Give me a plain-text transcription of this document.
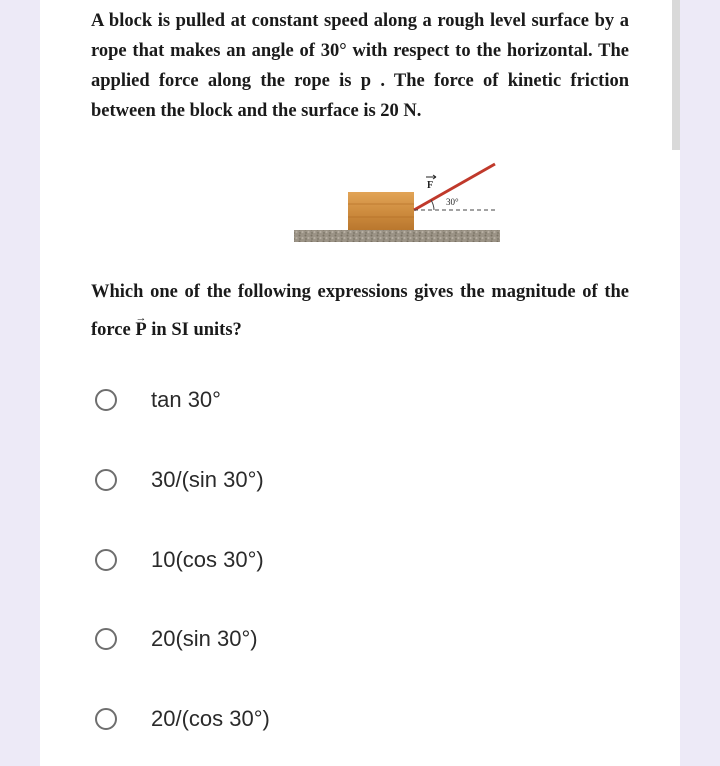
A block is pulled at constant speed along a rough level surface by a rope that makes an angle of 30° with respect to the horizontal. The applied force along the rope is p . The force of kinetic friction between the block and the surface is 20 N.

30°
F

Which one of the following expressions gives the magnitude of the force → P in SI units?

tan 30°
30/(sin 30°)
10(cos 30°)
20(sin 30°)
20/(cos 30°)
